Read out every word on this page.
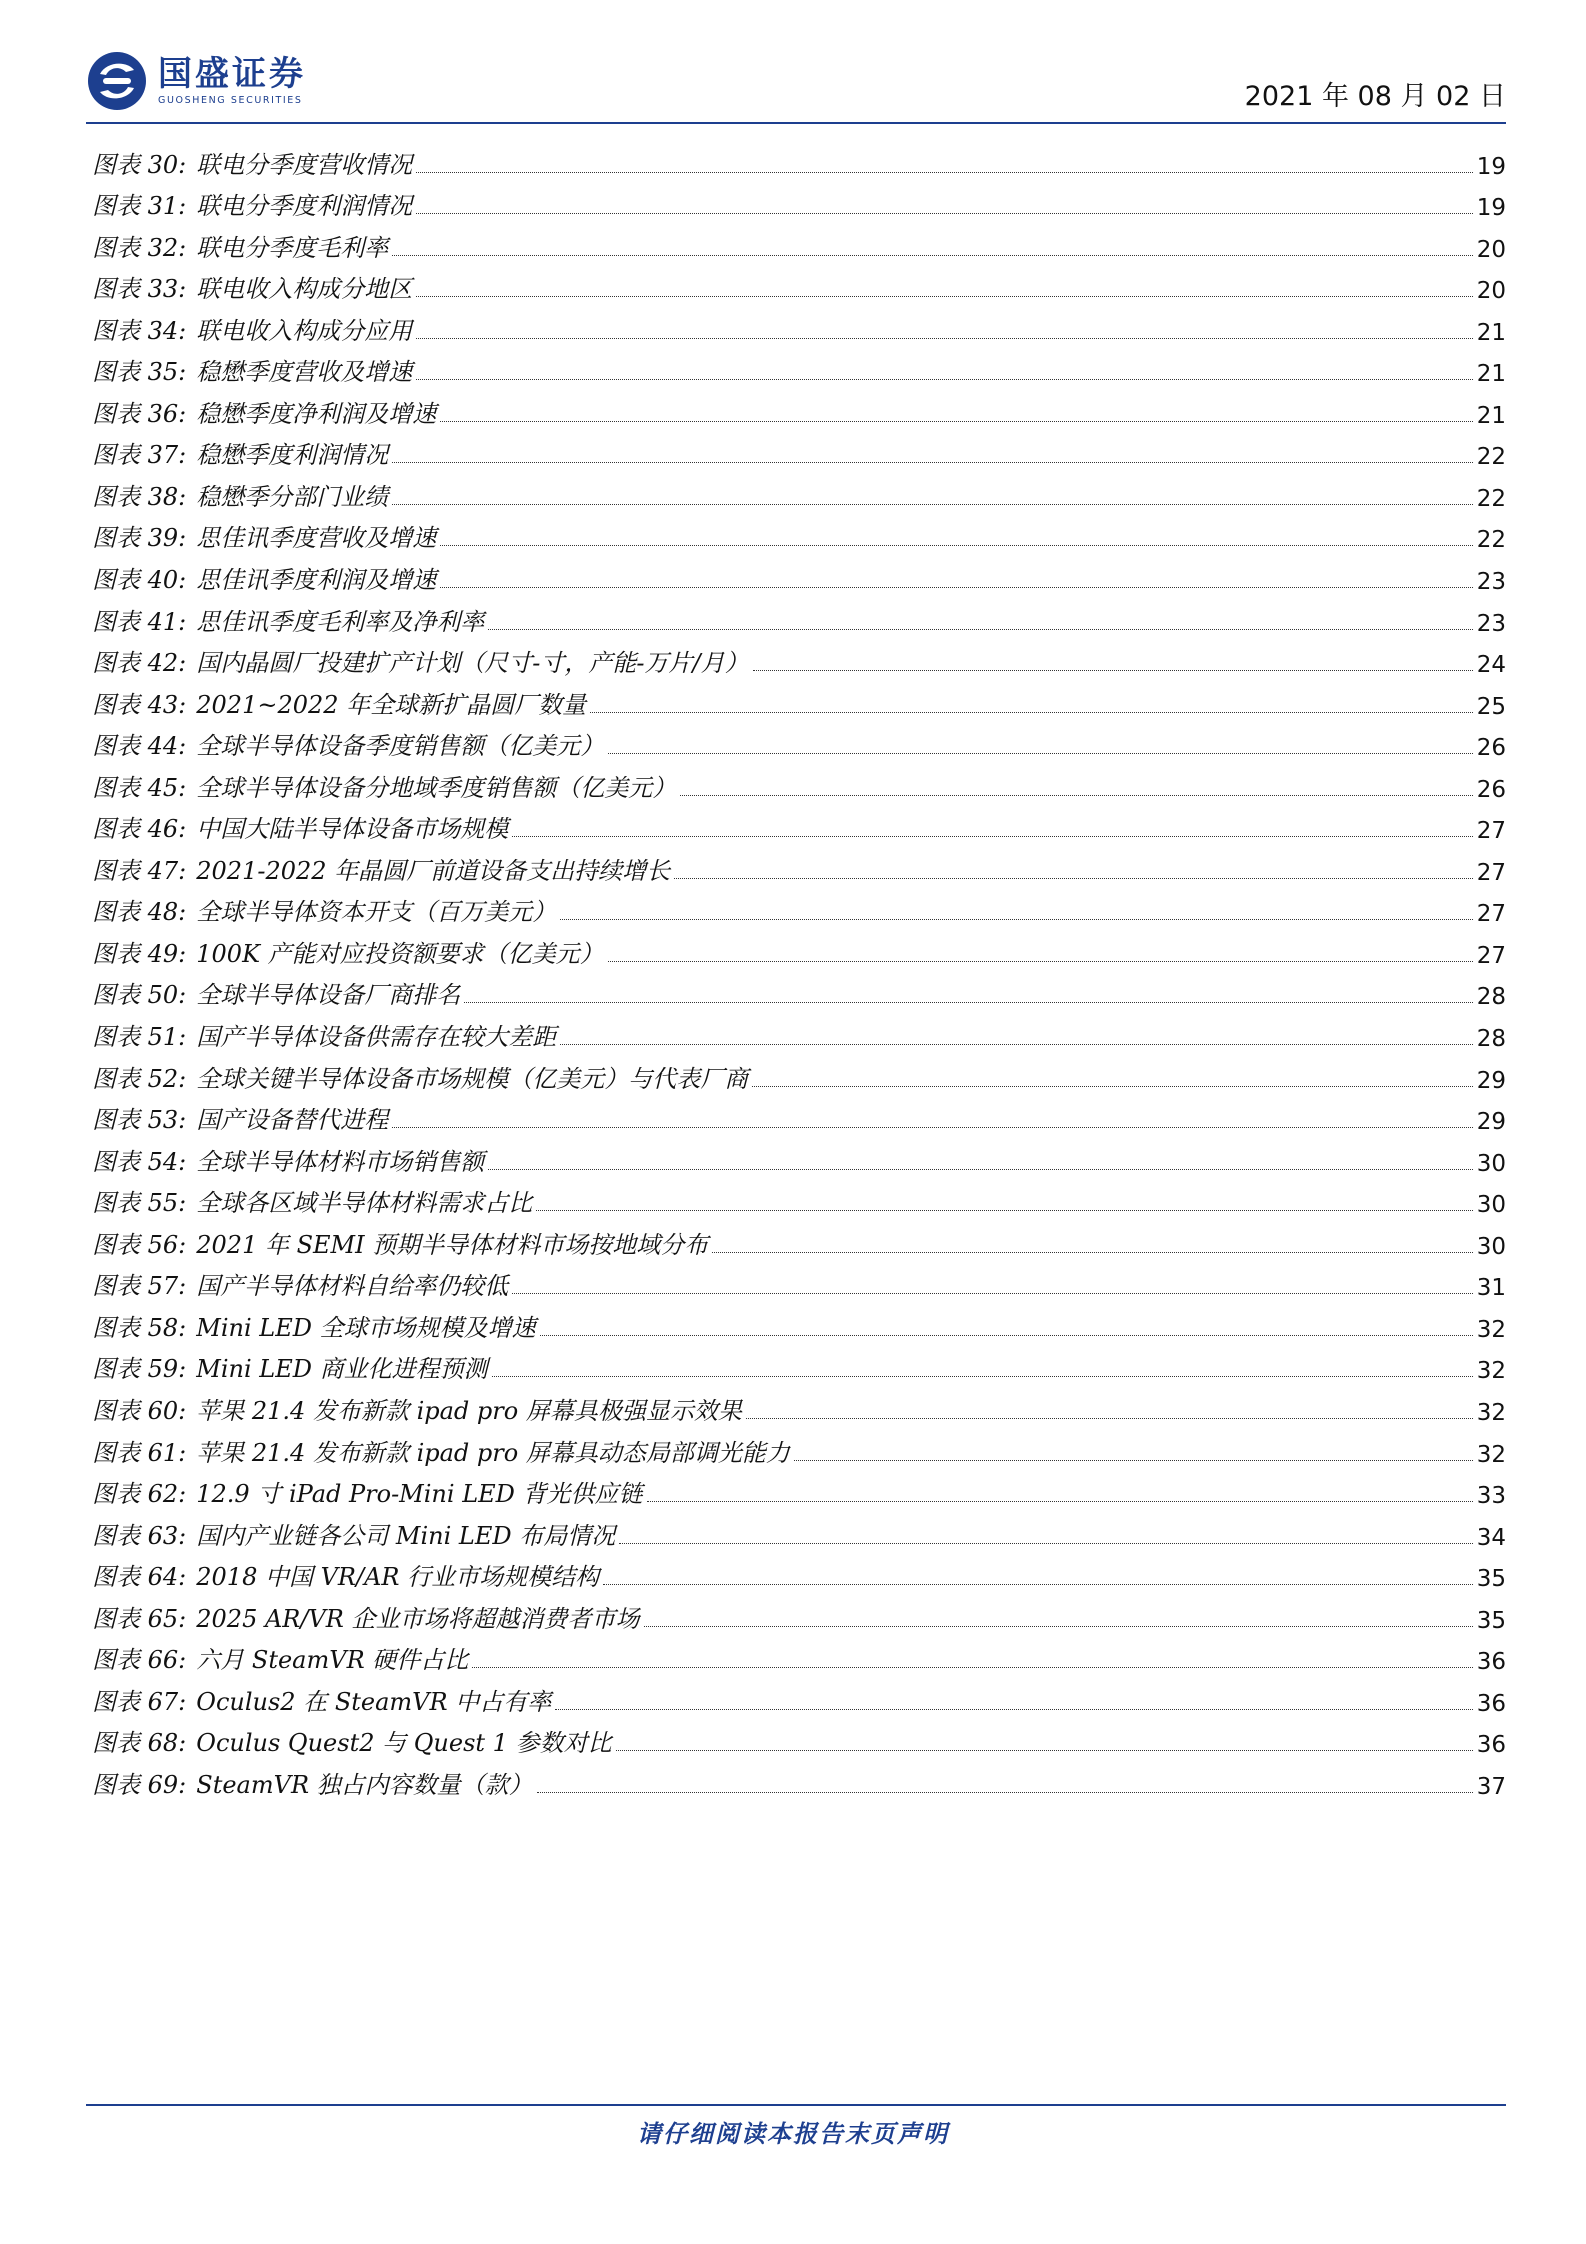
国盛证券
GUOSHENG SECURITIES	2021 年 08 月 02 日
图表 30: 联电分季度营收情况	19
图表 31: 联电分季度利润情况	19
图表 32: 联电分季度毛利率	20
图表 33: 联电收入构成分地区	20
图表 34: 联电收入构成分应用	21
图表 35: 稳懋季度营收及增速	21
图表 36: 稳懋季度净利润及增速	21
图表 37: 稳懋季度利润情况	22
图表 38: 稳懋季分部门业绩	22
图表 39: 思佳讯季度营收及增速	22
图表 40: 思佳讯季度利润及增速	23
图表 41: 思佳讯季度毛利率及净利率	23
图表 42: 国内晶圆厂投建扩产计划（尺寸-寸，产能-万片/月）	24
图表 43: 2021~2022 年全球新扩晶圆厂数量	25
图表 44: 全球半导体设备季度销售额（亿美元）	26
图表 45: 全球半导体设备分地域季度销售额（亿美元）	26
图表 46: 中国大陆半导体设备市场规模	27
图表 47: 2021-2022 年晶圆厂前道设备支出持续增长	27
图表 48: 全球半导体资本开支（百万美元）	27
图表 49: 100K 产能对应投资额要求（亿美元）	27
图表 50: 全球半导体设备厂商排名	28
图表 51: 国产半导体设备供需存在较大差距	28
图表 52: 全球关键半导体设备市场规模（亿美元）与代表厂商	29
图表 53: 国产设备替代进程	29
图表 54: 全球半导体材料市场销售额	30
图表 55: 全球各区域半导体材料需求占比	30
图表 56: 2021 年 SEMI 预期半导体材料市场按地域分布	30
图表 57: 国产半导体材料自给率仍较低	31
图表 58: Mini LED 全球市场规模及增速	32
图表 59: Mini LED 商业化进程预测	32
图表 60: 苹果 21.4 发布新款 ipad pro 屏幕具极强显示效果	32
图表 61: 苹果 21.4 发布新款 ipad pro 屏幕具动态局部调光能力	32
图表 62: 12.9 寸 iPad Pro-Mini LED 背光供应链	33
图表 63: 国内产业链各公司 Mini LED 布局情况	34
图表 64: 2018 中国 VR/AR 行业市场规模结构	35
图表 65: 2025 AR/VR 企业市场将超越消费者市场	35
图表 66: 六月 SteamVR 硬件占比	36
图表 67: Oculus2 在 SteamVR 中占有率	36
图表 68: Oculus Quest2 与 Quest 1 参数对比	36
图表 69: SteamVR 独占内容数量（款）	37
请仔细阅读本报告末页声明
